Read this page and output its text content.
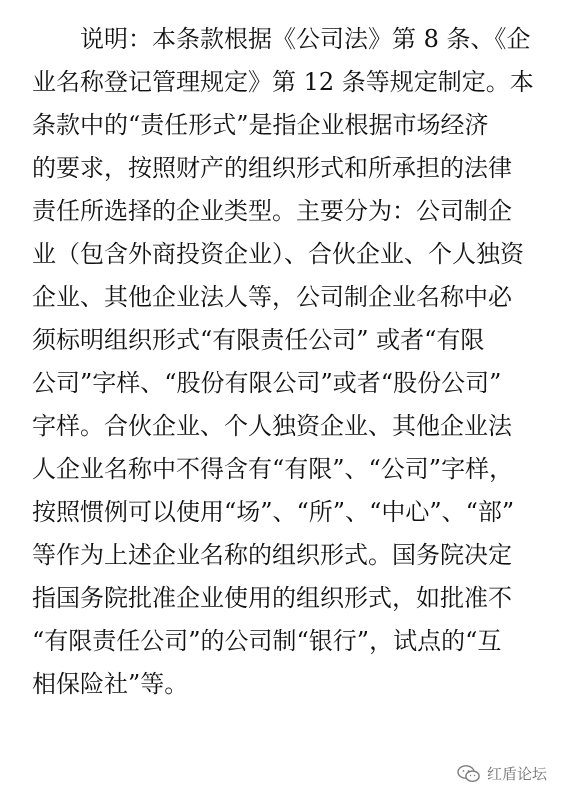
说明：本条款根据《公司法》第 8 条、《企
业名称登记管理规定》第 12 条等规定制定。本
条款中的“责任形式”是指企业根据市场经济
的要求，按照财产的组织形式和所承担的法律
责任所选择的企业类型。主要分为：公司制企
业（包含外商投资企业）、合伙企业、个人独资
企业、其他企业法人等，公司制企业名称中必
须标明组织形式“有限责任公司” 或者“有限
公司”字样、“股份有限公司”或者“股份公司”
字样。合伙企业、个人独资企业、其他企业法
人企业名称中不得含有“有限”、“公司”字样，
按照惯例可以使用“场”、“所”、“中心”、“部”
等作为上述企业名称的组织形式。国务院决定
指国务院批准企业使用的组织形式，如批准不
“有限责任公司”的公司制“银行”，试点的“互
相保险社”等。
红盾论坛
